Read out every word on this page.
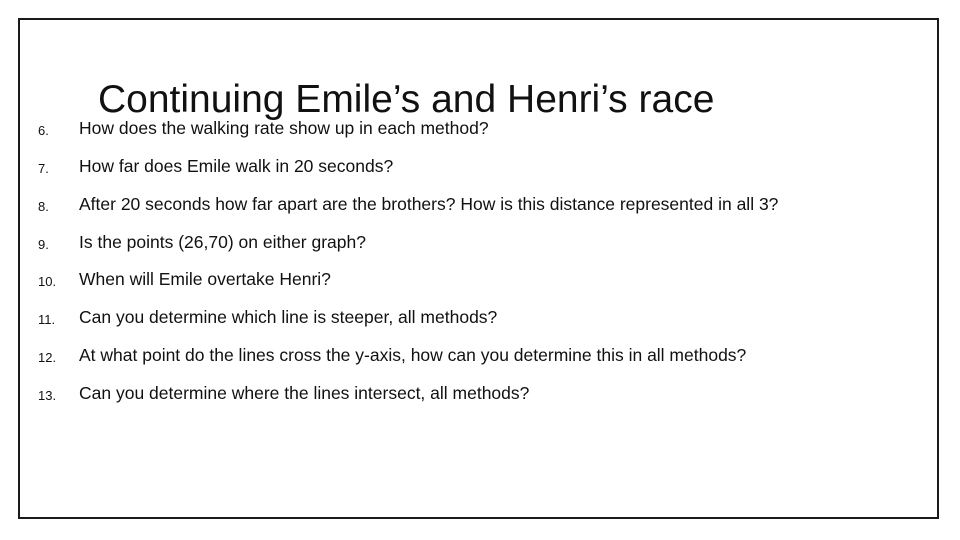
6. How does the walking rate show up in each method?
Continuing Emile’s and Henri’s race
7. How far does Emile walk in 20 seconds?
8. After 20 seconds how far apart are the brothers? How is this distance represented in all 3?
9. Is the points (26,70) on either graph?
10. When will Emile overtake Henri?
11. Can you determine which line is steeper, all methods?
12. At what point do the lines cross the y-axis, how can you determine this in all methods?
13. Can you determine where the lines intersect, all methods?
